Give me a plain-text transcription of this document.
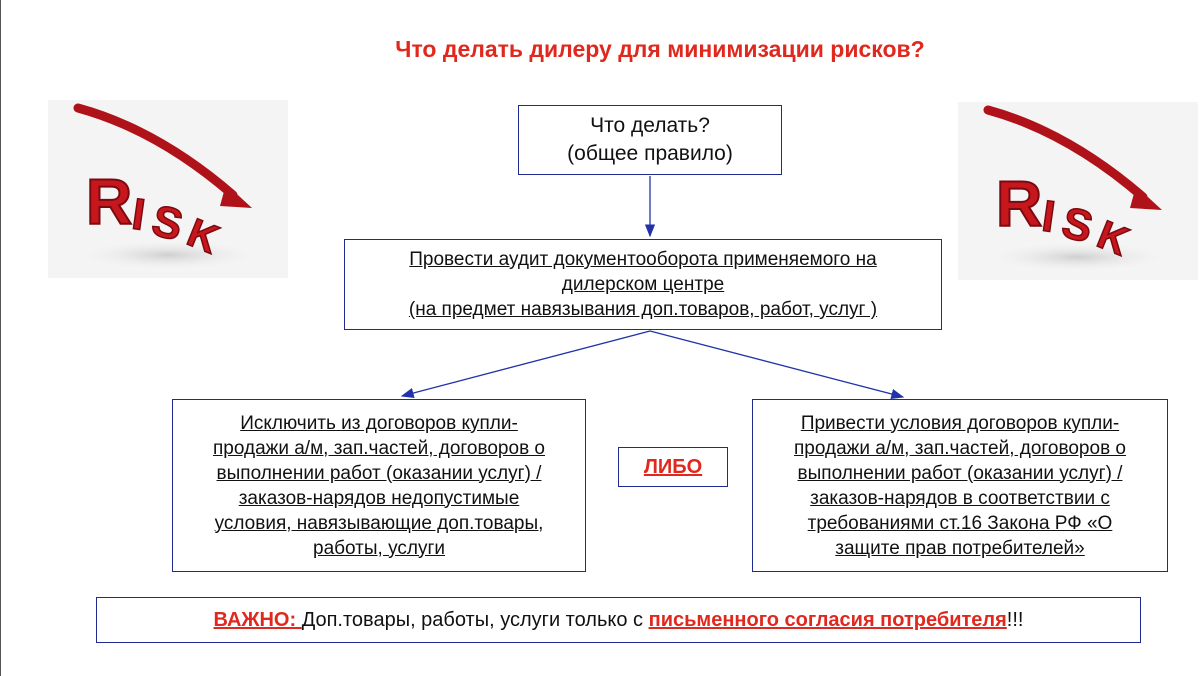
Что делать дилеру для минимизации рисков?
R
I S
K	R
I S
K
Что делать?
(общее правило)
Провести аудит документооборота применяемого на
дилерском центре
(на предмет навязывания доп.товаров, работ, услуг )
Исключить из договоров купли-
продажи а/м, зап.частей, договоров о
выполнении работ (оказании услуг) /
заказов-нарядов недопустимые
условия, навязывающие доп.товары,
работы, услуги
ЛИБО
Привести условия договоров купли-
продажи а/м, зап.частей, договоров о
выполнении работ (оказании услуг) /
заказов-нарядов в соответствии с
требованиями ст.16 Закона РФ «О
защите прав потребителей»
ВАЖНО: Доп.товары, работы, услуги только с письменного согласия потребителя!!!
